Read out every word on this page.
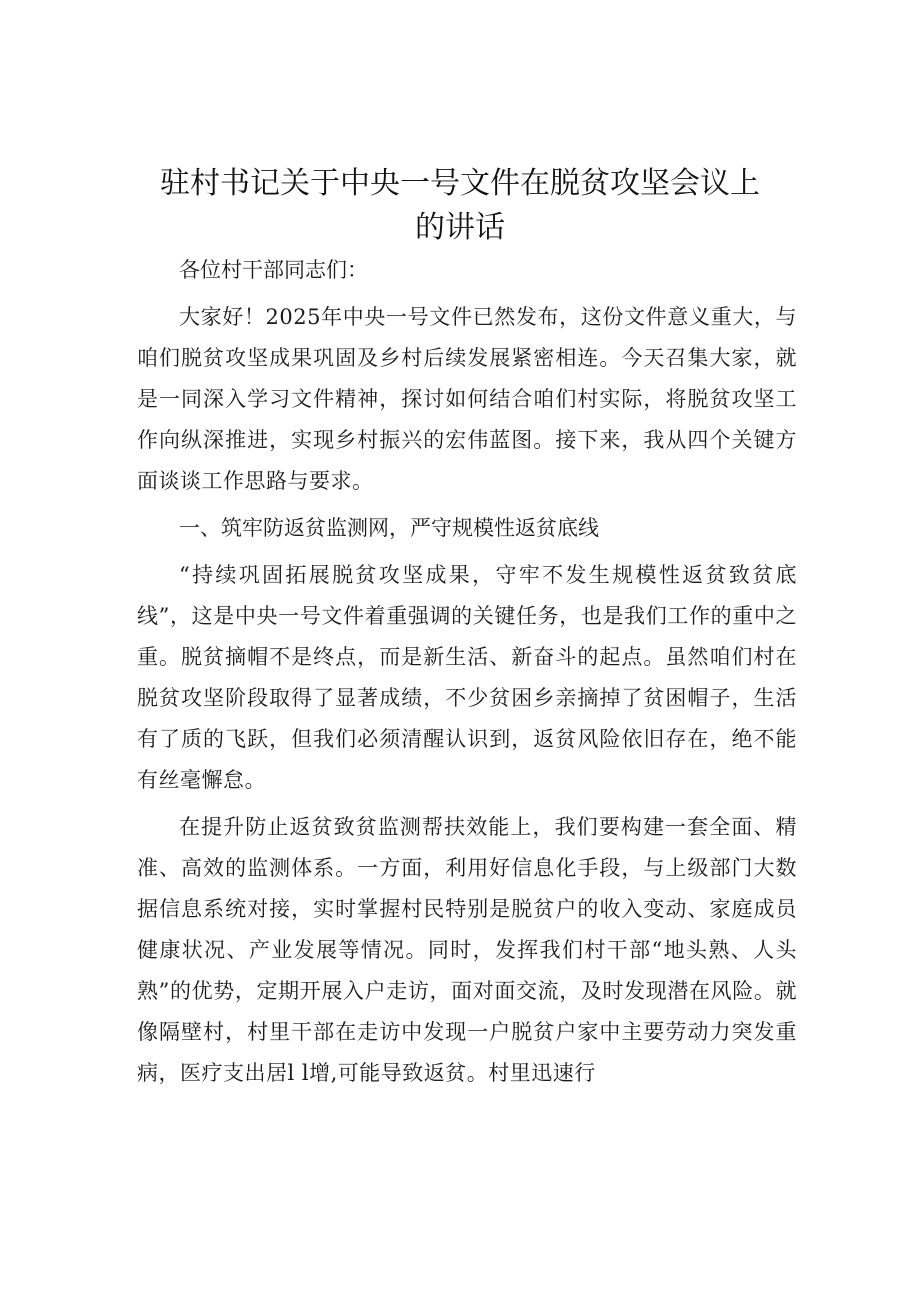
驻村书记关于中央一号文件在脱贫攻坚会议上
的讲话

各位村干部同志们：

大家好！2025年中央一号文件已然发布，这份文件意义重大，与咱们脱贫攻坚成果巩固及乡村后续发展紧密相连。今天召集大家，就是一同深入学习文件精神，探讨如何结合咱们村实际，将脱贫攻坚工作向纵深推进，实现乡村振兴的宏伟蓝图。接下来，我从四个关键方面谈谈工作思路与要求。

一、筑牢防返贫监测网，严守规模性返贫底线

“持续巩固拓展脱贫攻坚成果，守牢不发生规模性返贫致贫底线”，这是中央一号文件着重强调的关键任务，也是我们工作的重中之重。脱贫摘帽不是终点，而是新生活、新奋斗的起点。虽然咱们村在脱贫攻坚阶段取得了显著成绩，不少贫困乡亲摘掉了贫困帽子，生活有了质的飞跃，但我们必须清醒认识到，返贫风险依旧存在，绝不能有丝毫懈怠。

在提升防止返贫致贫监测帮扶效能上，我们要构建一套全面、精准、高效的监测体系。一方面，利用好信息化手段，与上级部门大数据信息系统对接，实时掌握村民特别是脱贫户的收入变动、家庭成员健康状况、产业发展等情况。同时，发挥我们村干部“地头熟、人头熟”的优势，定期开展入户走访，面对面交流，及时发现潜在风险。就像隔壁村，村里干部在走访中发现一户脱贫户家中主要劳动力突发重病，医疗支出居l l增,可能导致返贫。村里迅速行
